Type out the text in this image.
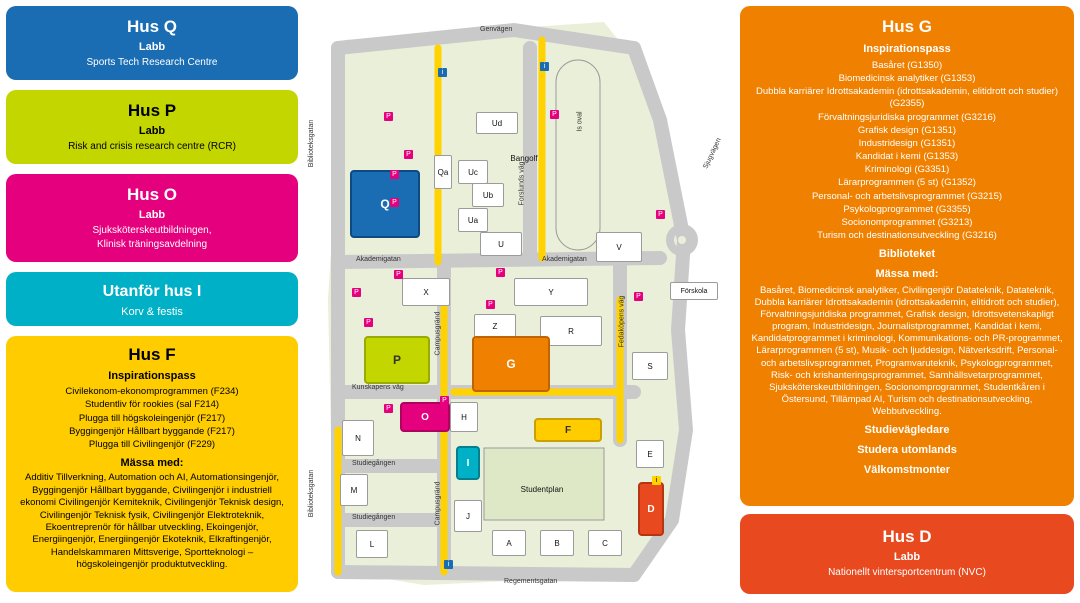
Hus Q
Labb
Sports Tech Research Centre
Hus P
Labb
Risk and crisis research centre (RCR)
Hus O
Labb
Sjuksköterskeutbildningen,
Klinisk träningsavdelning
Utanför hus I
Korv & festis
Hus F
Inspirationspass
Civilekonom-ekonomprogrammen (F234)
Studentliv för rookies (sal F214)
Plugga till högskoleingenjör (F217)
Byggingenjör Hållbart byggande (F217)
Plugga till Civilingenjör (F229)
Mässa med:
Additiv Tillverkning, Automation och AI, Automationsingenjör, Byggingenjör Hållbart byggande, Civilingenjör i industriell ekonomi Civilingenjör Kemiteknik, Civilingenjör Teknisk design, Civilingenjör Teknisk fysik, Civilingenjör Elektroteknik, Ekoentreprenör för hållbar utveckling, Ekoingenjör, Energiingenjör, Energiingenjör Ekoteknik, Elkraftingenjör, Handelskammaren Mittsverige, Sportteknologi – högskoleingenjör produktutveckling.
Hus G
Inspirationspass
Basåret (G1350)
Biomedicinsk analytiker (G1353)
Dubbla karriärer Idrottsakademin (idrottsakademin, elitidrott och studier) (G2355)
Förvaltningsjuridiska programmet (G3216)
Grafisk design (G1351)
Industridesign (G1351)
Kandidat i kemi (G1353)
Kriminologi (G3351)
Lärarprogrammen (5 st) (G1352)
Personal- och arbetslivsprogrammet (G3215)
Psykologprogrammet (G3355)
Socionomprogrammet (G3213)
Turism och destinationsutveckling (G3216)
Biblioteket
Mässa med:
Basåret, Biomedicinsk analytiker, Civilingenjör Datateknik, Datateknik, Dubbla karriärer Idrottsakademin (idrottsakademin, elitidrott och studier), Förvaltningsjuridiska programmet, Grafisk design, Idrottsvetenskapligt program, Industridesign, Journalistprogrammet, Kandidat i kemi, Kandidatprogrammet i kriminologi, Kommunikations- och PR-programmet, Lärarprogrammen (5 st), Musik- och ljuddesign, Nätverksdrift, Personal- och arbetslivsprogrammet, Programvaruteknik, Psykologprogrammet, Risk- och krishanteringsprogrammet, Samhällsvetarprogrammet, Sjuksköterskeutbildningen, Socionomprogrammet, Studentkåren i Östersund, Tillämpad AI, Turism och destinationsutveckling, Webbutveckling.
Studievägledare
Studera utomlands
Välkomstmonter
Hus D
Labb
Nationellt vintersportcentrum (NVC)
Genvägen
Biblioteksgatan
Biblioteksgatan
Forslunds väg
Is oval
Sjugvägen
Akademigatan	Akademigatan
Campusgränd
Campusgränd
Fedaköpens väg
Kunskapens väg
Studiegången
Studiegången
Regementsgatan
Ud
Bangolf
Uc
Qa
Ub
Ua
U	V
X	Y	Förskola
Z
R
S
H
N
E
M	Studentplan
J
L	A	B	C
Q
P	G
O
F
I
D
P	P
P
P
P
P
P
P
P
P
P
P
P
P
i
i
i
i
